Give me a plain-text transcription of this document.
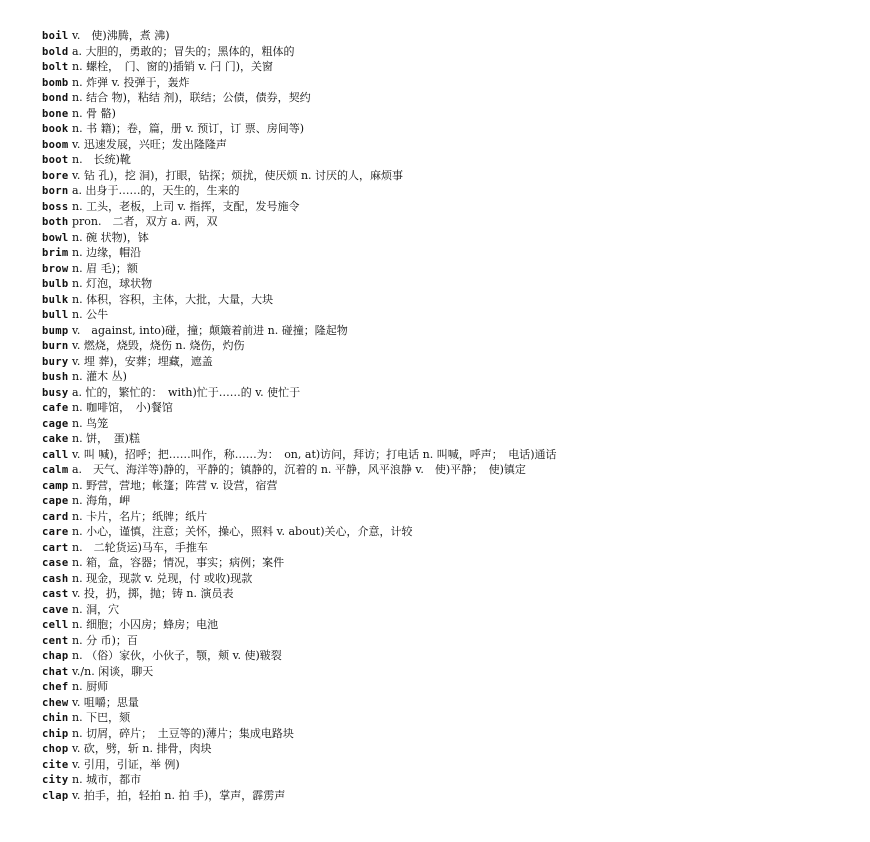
boil v.　使)沸腾，煮 沸)
bold a. 大胆的，勇敢的；冒失的；黑体的，粗体的
bolt n. 螺栓，　门、窗的)插销 v. 闩 门)，关窗
bomb n. 炸弹 v. 投弹于，轰炸
bond n. 结合 物)，粘结 剂)，联结；公债，债券，契约
bone n. 骨 骼)
book n. 书 籍)；卷，篇，册 v. 预订，订 票、房间等)
boom v. 迅速发展，兴旺；发出隆隆声
boot n.　长统)靴
bore v. 钻 孔)，挖 洞)，打眼，钻探；烦扰，使厌烦 n. 讨厌的人，麻烦事
born a. 出身于……的，天生的，生来的
boss n. 工头，老板，上司 v. 指挥，支配，发号施令
both pron.　二者，双方 a. 两，双
bowl n. 碗 状物)，钵
brim n. 边缘，帽沿
brow n. 眉 毛)；额
bulb n. 灯泡，球状物
bulk n. 体积，容积，主体，大批，大量，大块
bull n. 公牛
bump v.　against, into)碰，撞；颠簸着前进 n. 碰撞；隆起物
burn v. 燃烧，烧毁，烧伤 n. 烧伤，灼伤
bury v. 埋 葬)，安葬；埋藏，遮盖
bush n. 灌木 丛)
busy a. 忙的，繁忙的：　with)忙于……的 v. 使忙于
cafe n. 咖啡馆，　小)餐馆
cage n. 鸟笼
cake n. 饼，　蛋)糕
call v. 叫 喊)，招呼；把……叫作，称……为：　on, at)访问，拜访；打电话 n. 叫喊，呼声；　电话)通话
calm a.　天气、海洋等)静的，平静的；镇静的，沉着的 n. 平静，风平浪静 v.　使)平静；　使)镇定
camp n. 野营，营地；帐篷；阵营 v. 设营，宿营
cape n. 海角，岬
card n. 卡片，名片；纸牌；纸片
care n. 小心，谨慎，注意；关怀，操心，照料 v. about)关心，介意，计较
cart n.　二轮货运)马车，手推车
case n. 箱，盒，容器；情况，事实；病例；案件
cash n. 现金，现款 v. 兑现，付 或收)现款
cast v. 投，扔，掷，抛；铸 n. 演员表
cave n. 洞，穴
cell n. 细胞；小囚房；蜂房；电池
cent n. 分 币)；百
chap n. （俗）家伙，小伙子，颚，颊 v. 使)皲裂
chat v./n. 闲谈，聊天
chef n. 厨师
chew v. 咀嚼；思量
chin n. 下巴，颏
chip n. 切屑，碎片；　土豆等的)薄片；集成电路块
chop v. 砍，劈，斩 n. 排骨，肉块
cite v. 引用，引证，举 例)
city n. 城市，都市
clap v. 拍手，拍，轻拍 n. 拍 手)，掌声，霹雳声
